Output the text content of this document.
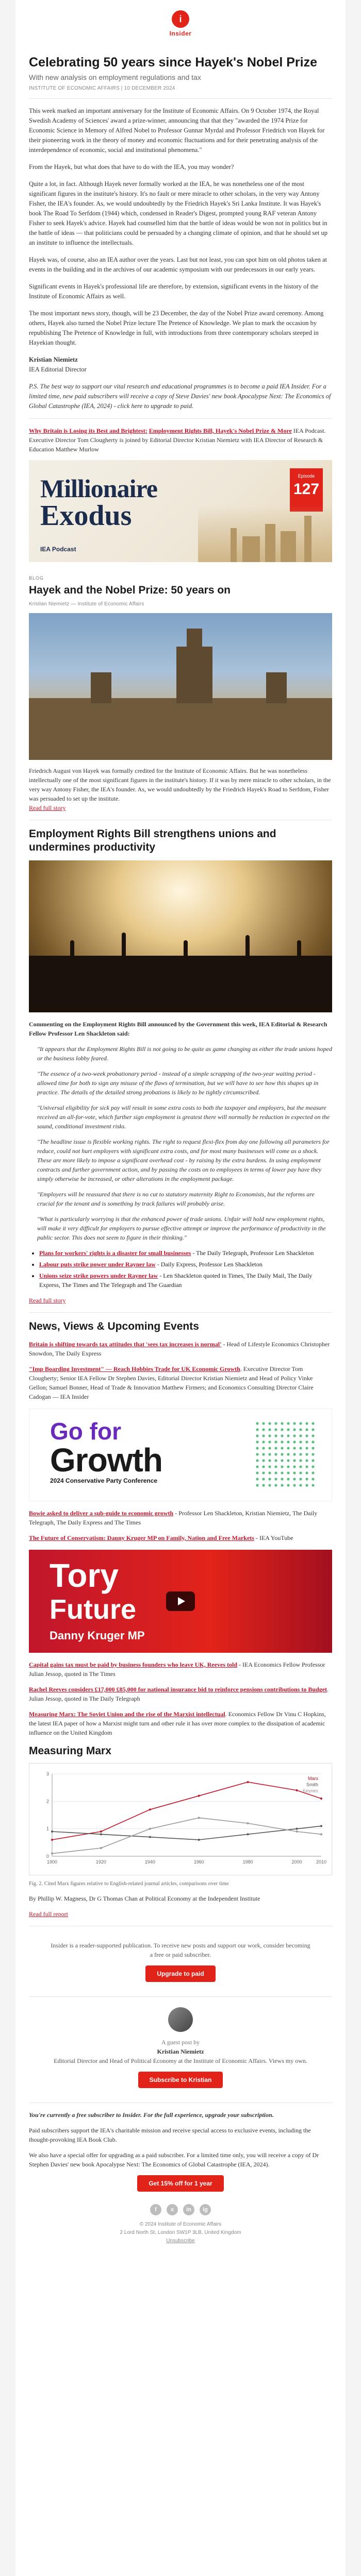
i
Insider
Celebrating 50 years since Hayek's Nobel Prize
With new analysis on employment regulations and tax
INSTITUTE OF ECONOMIC AFFAIRS | 10 DECEMBER 2024

This week marked an important anniversary for the Institute of Economic Affairs. On 9 October 1974, the Royal Swedish Academy of Sciences' award a prize-winner, announcing that that they "awarded the 1974 Prize for Economic Science in Memory of Alfred Nobel to Professor Gunnar Myrdal and Professor Friedrich von Hayek for their pioneering work in the theory of money and economic fluctuations and for their penetrating analysis of the interdependence of economic, social and institutional phenomena."

From the Hayek, but what does that have to do with the IEA, you may wonder?

Quite a lot, in fact. Although Hayek never formally worked at the IEA, he was nonetheless one of the most significant figures in the institute's history. It's no fault or mere miracle to other scholars, in the very way Antony Fisher, the IEA's founder. As, we would undoubtedly by the Friedrich Hayek's Sri Lanka Institute. It was Hayek's book The Road To Serfdom (1944) which, condensed in Reader's Digest, prompted young RAF veteran Antony Fisher to seek Hayek's advice. Hayek had counselled him that the battle of ideas would be won not in politics but in the battle of ideas — that politicians could be persuaded by a changing climate of opinion, and that he should set up an institute to influence the intellectuals.

Hayek was, of course, also an IEA author over the years. Last but not least, you can spot him on old photos taken at events in the building and in the archives of our academic symposium with our predecessors in our early years.

Significant events in Hayek's professional life are therefore, by extension, significant events in the history of the Institute of Economic Affairs as well.

The most important news story, though, will be 23 December, the day of the Nobel Prize award ceremony. Among others, Hayek also turned the Nobel Prize lecture The Pretence of Knowledge. We plan to mark the occasion by republishing The Pretence of Knowledge in full, with introductions from three contemporary scholars steeped in Hayekian thought.

Kristian Niemietz
IEA Editorial Director

P.S. The best way to support our vital research and educational programmes is to become a paid IEA Insider. For a limited time, new paid subscribers will receive a copy of Steve Davies' new book Apocalypse Next: The Economics of Global Catastrophe (IEA, 2024) - click here to upgrade to paid.

Why Britain is Losing its Best and Brightest: Employment Rights Bill, Hayek's Nobel Prize & More IEA Podcast. Executive Director Tom Clougherty is joined by Editorial Director Kristian Niemietz with IEA Director of Research & Education Matthew Murlow

Millionaire
Exodus
Episode
127
IEA Podcast
BLOG
Hayek and the Nobel Prize: 50 years on
Kristian Niemietz — Institute of Economic Affairs

Friedrich August von Hayek was formally credited for the Institute of Economic Affairs. But he was nonetheless intellectually one of the most significant figures in the institute's history. If it was by mere miracle to other scholars, in the very way Antony Fisher, the IEA's founder. As, we would undoubtedly by the Friedrich Hayek's Road to Serfdom, Fisher was persuaded to set up the institute.

Read full story

Employment Rights Bill strengthens unions and undermines productivity

Commenting on the Employment Rights Bill announced by the Government this week, IEA Editorial & Research Fellow Professor Len Shackleton said:

"It appears that the Employment Rights Bill is not going to be quite as game changing as either the trade unions hoped or the business lobby feared.
"The essence of a two-week probationary period - instead of a simple scrapping of the two-year waiting period - allowed time for both to sign any misuse of the flaws of termination, but we will have to see how this shapes up in practice. The details of the detailed strong probations is likely to be tightly circumscribed.
"Universal eligibility for sick pay will result in some extra costs to both the taxpayer and employers, but the measure received an all-for-vote, which further sign employment is greatest there will normally be reduction in expected on the sound, conditional investment risks.
"The headline issue is flexible working rights. The right to request flexi-flex from day one following all parameters for reduce, could not hurt employers with significant extra costs, and for most many businesses will come as a shock. These are more likely to impose a significant overhead cost - by raising by the extra burdens. In using employment contracts and further government action, and by passing the costs on to employees in terms of lower pay have they simply otherwise be increased, or other alterations in the employment package.
"Employers will be reassured that there is no cut to statutory maternity Right to Economists, but the reforms are crucial for the tenant and is something by track failures will probably arise.
"What is particularly worrying is that the enhanced power of trade unions. Unfair will hold new employment rights, will make it very difficult for employers to pursue effective attempt or improve the performance of productivity in the public sector. This does not seem to figure in their thinking."
• Plans for workers' rights is a disaster for small businesses - The Daily Telegraph, Professor Len Shackleton
• Labour puts strike power under Rayner law - Daily Express, Professor Len Shackleton
• Unions seize strike powers under Rayner law - Len Shackleton quoted in Times, The Daily Mail, The Daily Express, The Times and The Telegraph and The Guardian

Read full story

News, Views & Upcoming Events

Britain is shifting towards tax attitudes that 'sees tax increases is normal' - Head of Lifestyle Economics Christopher Snowdon, The Daily Express

"Imp Boarding Investment" — Reach Hobbies Trade for UK Economic Growth. Executive Director Tom Clougherty; Senior IEA Fellow Dr Stephen Davies, Editorial Director Kristian Niemietz and Head of Policy Vinke Gellon; Samuel Bonner, Head of Trade & Innovation Matthew Firmers; and Economics Consulting Director Claire Cadogan — IEA Insider

Go for
Growth
2024 Conservative Party Conference

Bowie asked to deliver a sub-guide to economic growth - Professor Len Shackleton, Kristian Niemietz, The Daily Telegraph, The Daily Express and The Times

The Future of Conservatism: Danny Kruger MP on Family, Nation and Free Markets - IEA YouTube

Tory
Future
Danny Kruger MP

Capital gains tax must be paid by business founders who leave UK, Reeves told - IEA Economics Fellow Professor Julian Jessop, quoted in The Times

Rachel Reeves considers £17,000 £85,000 for national insurance bid to reinforce pensions contributions to Budget. Julian Jessop, quoted in The Daily Telegraph

Measuring Marx: The Soviet Union and the rise of the Marxist intellectual. Economics Fellow Dr Vinu C Hopkins, the latest IEA paper of how a Marxist might turn and other rule it has over more complex to the dissipation of academic influence on the United Kingdom

Measuring Marx
0
1
2
3
1900	1920	1940	1960	1980	2000	2010
Marx
Smith
Keynes

Fig. 2. Cited Marx figures relative to English-related journal articles, comparisons over time

By Phillip W. Magness, Dr G Thomas Chan at Political Economy at the Independent Institute

Read full report

Insider is a reader-supported publication. To receive new posts and support our work, consider becoming a free or paid subscriber.

Upgrade to paid

A guest post by

Kristian Niemietz

Editorial Director and Head of Political Economy at the Institute of Economic Affairs. Views my own.

Subscribe to Kristian

You're currently a free subscriber to Insider. For the full experience, upgrade your subscription.

Paid subscribers support the IEA's charitable mission and receive special access to exclusive events, including the thought-provoking IEA Book Club.

We also have a special offer for upgrading as a paid subscriber. For a limited time only, you will receive a copy of Dr Stephen Davies' new book Apocalypse Next: The Economics of Global Catastrophe (IEA, 2024).

Get 15% off for 1 year
f	x	in	ig
© 2024 Institute of Economic Affairs
2 Lord North St, London SW1P 3LB, United Kingdom
Unsubscribe
